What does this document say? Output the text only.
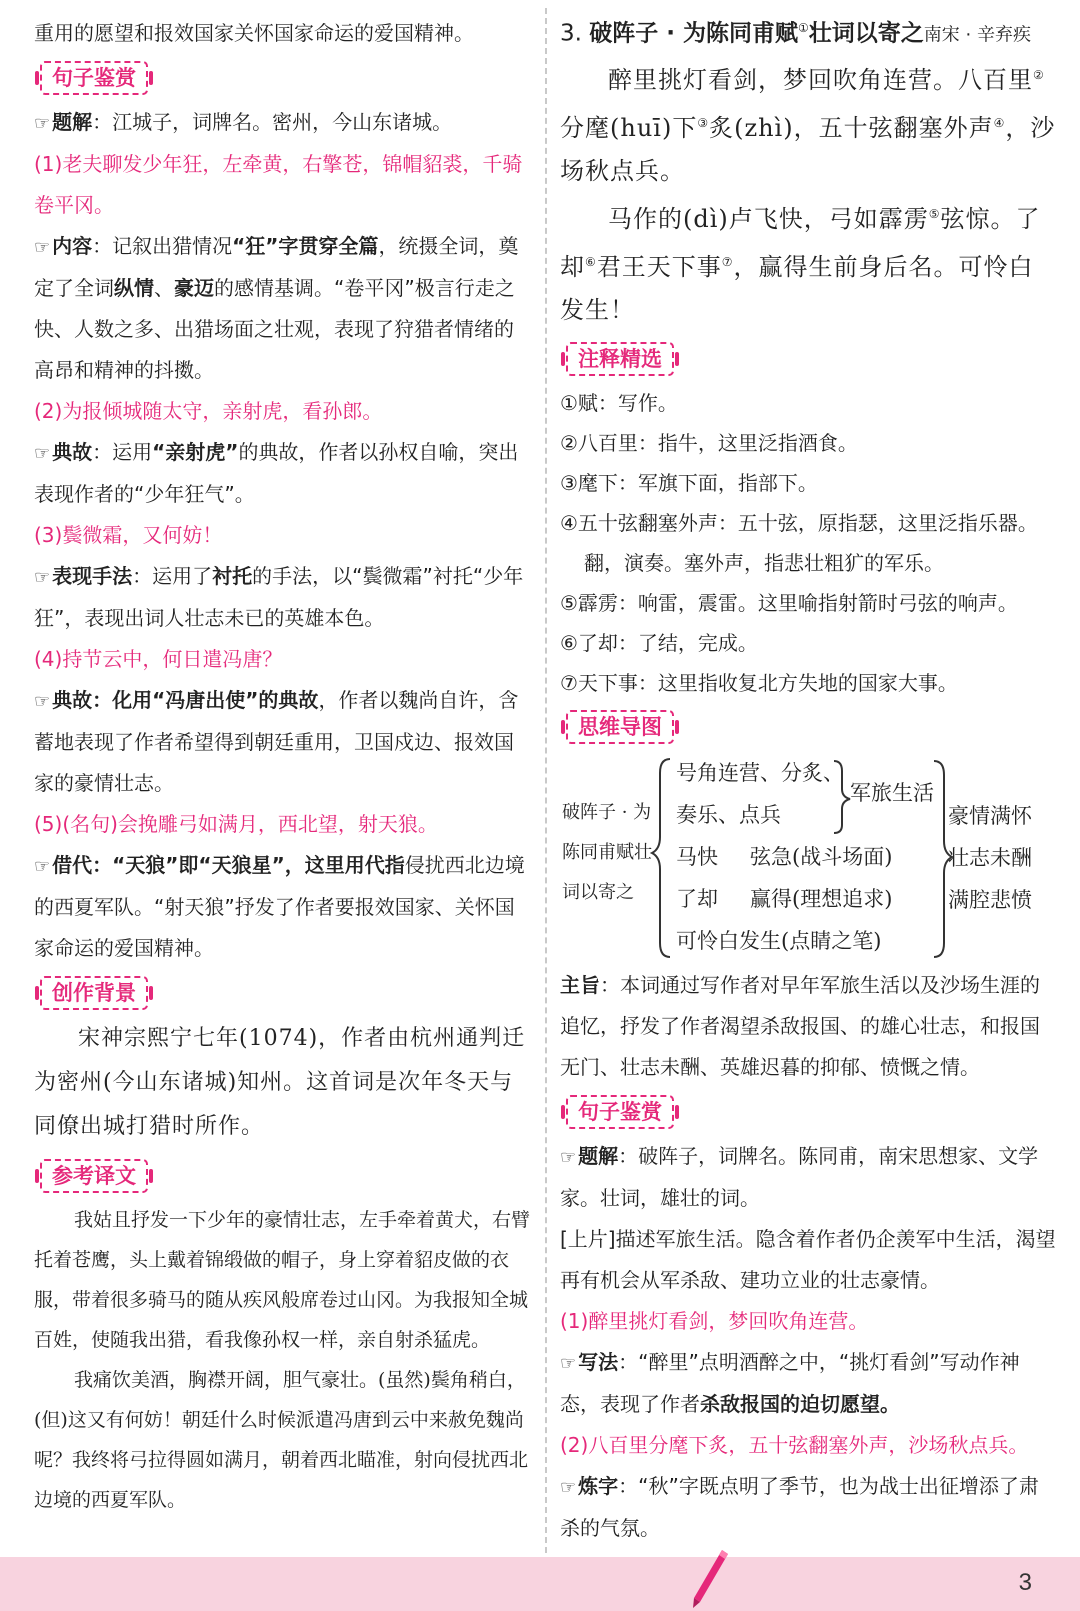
重用的愿望和报效国家关怀国家命运的爱国精神。

句子鉴赏

☞ 题解：江城子，词牌名。密州，今山东诸城。

(1)老夫聊发少年狂，左牵黄，右擎苍，锦帽貂裘，千骑卷平冈。

☞ 内容：记叙出猎情况“狂”字贯穿全篇，统摄全词，奠定了全词纵情、豪迈的感情基调。“卷平冈”极言行走之快、人数之多、出猎场面之壮观，表现了狩猎者情绪的高昂和精神的抖擞。

(2)为报倾城随太守，亲射虎，看孙郎。

☞ 典故：运用“亲射虎”的典故，作者以孙权自喻，突出表现作者的“少年狂气”。

(3)鬓微霜，又何妨！

☞ 表现手法：运用了衬托的手法，以“鬓微霜”衬托“少年狂”，表现出词人壮志未已的英雄本色。

(4)持节云中，何日遣冯唐？

☞ 典故：化用“冯唐出使”的典故，作者以魏尚自许，含蓄地表现了作者希望得到朝廷重用，卫国戍边、报效国家的豪情壮志。

(5)(名句)会挽雕弓如满月，西北望，射天狼。

☞ 借代：“天狼”即“天狼星”，这里用代指侵扰西北边境的西夏军队。“射天狼”抒发了作者要报效国家、关怀国家命运的爱国精神。

创作背景

宋神宗熙宁七年(1074)，作者由杭州通判迁为密州(今山东诸城)知州。这首词是次年冬天与同僚出城打猎时所作。

参考译文

我姑且抒发一下少年的豪情壮志，左手牵着黄犬，右臂托着苍鹰，头上戴着锦缎做的帽子，身上穿着貂皮做的衣服，带着很多骑马的随从疾风般席卷过山冈。为我报知全城百姓，使随我出猎，看我像孙权一样，亲自射杀猛虎。

我痛饮美酒，胸襟开阔，胆气豪壮。(虽然)鬓角稍白，(但)这又有何妨！朝廷什么时候派遣冯唐到云中来赦免魏尚呢？我终将弓拉得圆如满月，朝着西北瞄准，射向侵扰西北边境的西夏军队。

3. 破阵子 · 为陈同甫赋①壮词以寄之南宋 · 辛弃疾

醉里挑灯看剑，梦回吹角连营。八百里②分麾(huī)下③炙(zhì)，五十弦翻塞外声④，沙场秋点兵。

马作的(dì)卢飞快，弓如霹雳⑤弦惊。了却⑥君王天下事⑦，赢得生前身后名。可怜白发生！

注释精选

①赋：写作。

②八百里：指牛，这里泛指酒食。

③麾下：军旗下面，指部下。

④五十弦翻塞外声：五十弦，原指瑟，这里泛指乐器。

翻，演奏。塞外声，指悲壮粗犷的军乐。

⑤霹雳：响雷，震雷。这里喻指射箭时弓弦的响声。

⑥了却：了结，完成。

⑦天下事：这里指收复北方失地的国家大事。

思维导图
破阵子 · 为
陈同甫赋壮
词以寄之
号角连营、分炙、
奏乐、点兵
军旅生活
马快 弦急(战斗场面)
了却 赢得(理想追求)
可怜白发生(点睛之笔)
豪情满怀
壮志未酬
满腔悲愤

主旨：本词通过写作者对早年军旅生活以及沙场生涯的追忆，抒发了作者渴望杀敌报国、的雄心壮志，和报国无门、壮志未酬、英雄迟暮的抑郁、愤慨之情。

句子鉴赏

☞ 题解：破阵子，词牌名。陈同甫，南宋思想家、文学家。壮词，雄壮的词。

[上片]描述军旅生活。隐含着作者仍企羡军中生活，渴望再有机会从军杀敌、建功立业的壮志豪情。

(1)醉里挑灯看剑，梦回吹角连营。

☞ 写法：“醉里”点明酒醉之中，“挑灯看剑”写动作神态，表现了作者杀敌报国的迫切愿望。

(2)八百里分麾下炙，五十弦翻塞外声，沙场秋点兵。

☞ 炼字：“秋”字既点明了季节，也为战士出征增添了肃杀的气氛。

3
